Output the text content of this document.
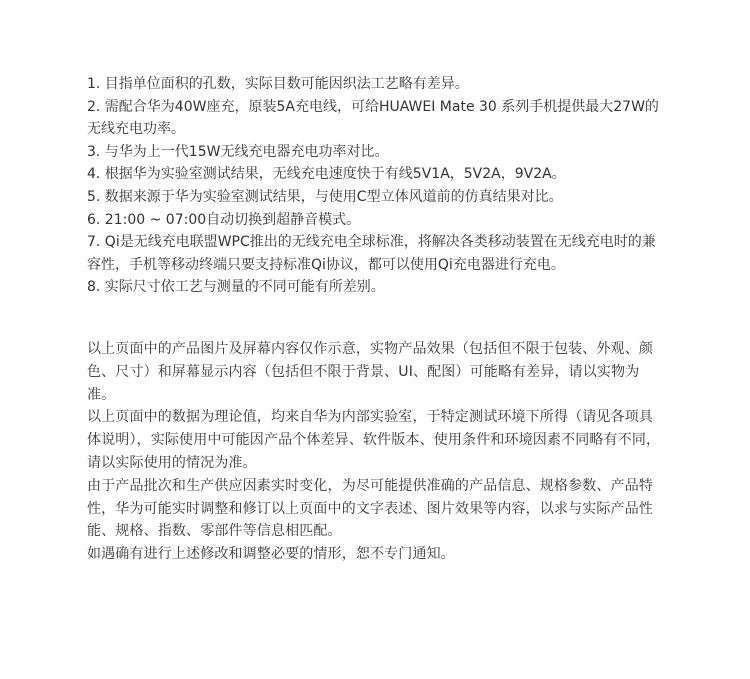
1. 目指单位面积的孔数，实际目数可能因织法工艺略有差异。
2. 需配合华为40W座充，原装5A充电线，可给HUAWEI Mate 30 系列手机提供最大27W的无线充电功率。
3. 与华为上一代15W无线充电器充电功率对比。
4. 根据华为实验室测试结果，无线充电速度快于有线5V1A，5V2A，9V2A。
5. 数据来源于华为实验室测试结果，与使用C型立体风道前的仿真结果对比。
6. 21:00 ~ 07:00自动切换到超静音模式。
7. Qi是无线充电联盟WPC推出的无线充电全球标准，将解决各类移动装置在无线充电时的兼容性，手机等移动终端只要支持标准Qi协议，都可以使用Qi充电器进行充电。
8. 实际尺寸依工艺与测量的不同可能有所差别。

以上页面中的产品图片及屏幕内容仅作示意，实物产品效果（包括但不限于包装、外观、颜色、尺寸）和屏幕显示内容（包括但不限于背景、UI、配图）可能略有差异，请以实物为准。

以上页面中的数据为理论值，均来自华为内部实验室，于特定测试环境下所得（请见各项具体说明），实际使用中可能因产品个体差异、软件版本、使用条件和环境因素不同略有不同，请以实际使用的情况为准。

由于产品批次和生产供应因素实时变化，为尽可能提供准确的产品信息、规格参数、产品特性，华为可能实时调整和修订以上页面中的文字表述、图片效果等内容，以求与实际产品性能、规格、指数、零部件等信息相匹配。

如遇确有进行上述修改和调整必要的情形，恕不专门通知。
